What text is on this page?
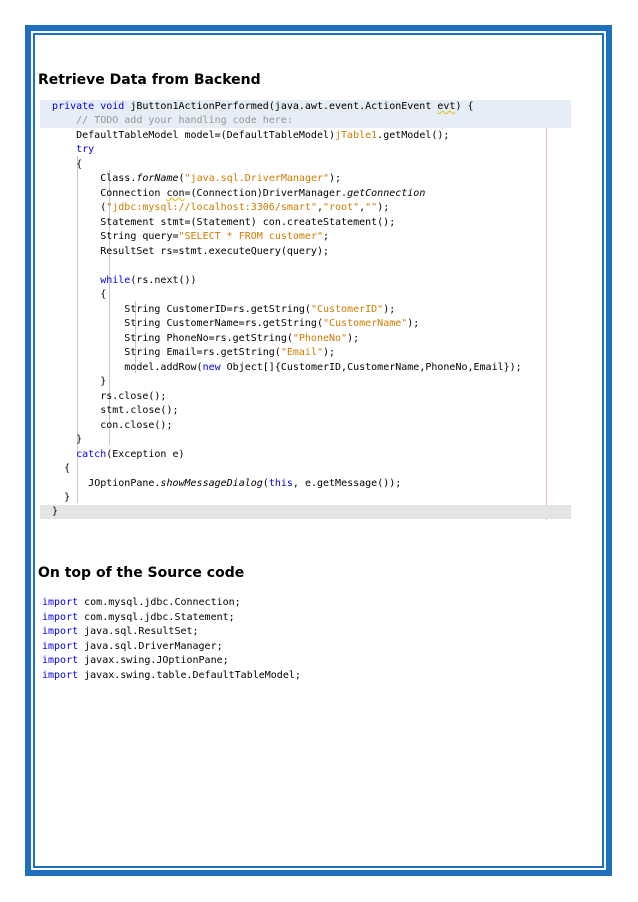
Retrieve Data from Backend
private void jButton1ActionPerformed(java.awt.event.ActionEvent evt) {
// TODO add your handling code here:
DefaultTableModel model=(DefaultTableModel)jTable1.getModel();
try
{
Class.forName("java.sql.DriverManager");
Connection con=(Connection)DriverManager.getConnection
("jdbc:mysql://localhost:3306/smart","root","");
Statement stmt=(Statement) con.createStatement();
String query="SELECT * FROM customer";
ResultSet rs=stmt.executeQuery(query);
while(rs.next())
{
String CustomerID=rs.getString("CustomerID");
String CustomerName=rs.getString("CustomerName");
String PhoneNo=rs.getString("PhoneNo");
String Email=rs.getString("Email");
model.addRow(new Object[]{CustomerID,CustomerName,PhoneNo,Email});
}
rs.close();
stmt.close();
con.close();
}
catch(Exception e)
{
JOptionPane.showMessageDialog(this, e.getMessage());
}
}
On top of the Source code
import com.mysql.jdbc.Connection;
import com.mysql.jdbc.Statement;
import java.sql.ResultSet;
import java.sql.DriverManager;
import javax.swing.JOptionPane;
import javax.swing.table.DefaultTableModel;
